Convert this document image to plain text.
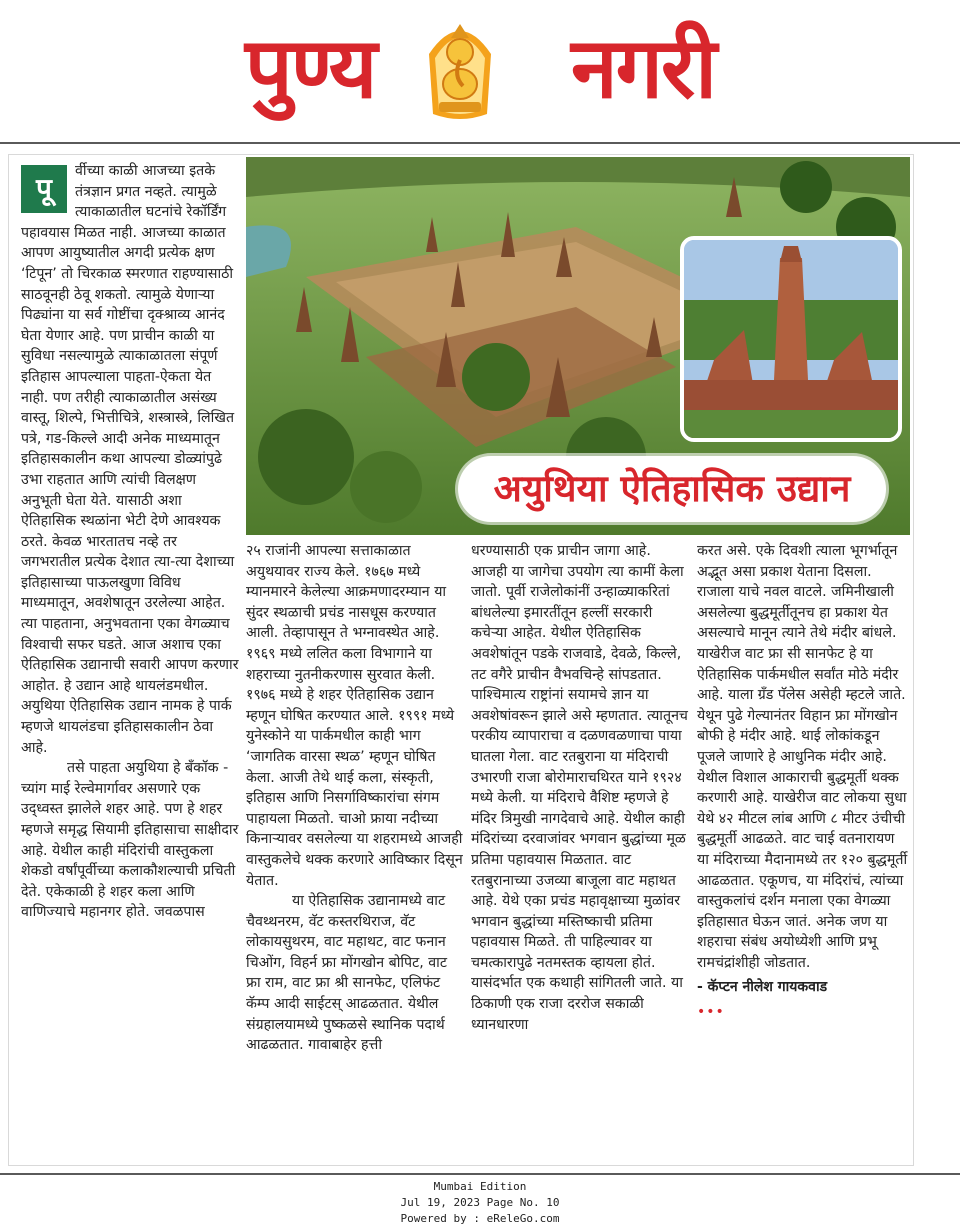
पुण्य नगरी
अयुथिया ऐतिहासिक उद्यान
पू

र्वीच्या काळी आजच्या इतके तंत्रज्ञान प्रगत नव्हते. त्यामुळे त्याकाळातील घटनांचे रेकॉर्डिंग पहावयास मिळत नाही. आजच्या काळात आपण आयुष्यातील अगदी प्रत्येक क्षण ‘टिपून’ तो चिरकाळ स्मरणात राहण्यासाठी साठवूनही ठेवू शकतो. त्यामुळे येणाऱ्या पिढ्यांना या सर्व गोष्टींचा दृक्श्राव्य आनंद घेता येणार आहे. पण प्राचीन काळी या सुविधा नसल्यामुळे त्याकाळातला संपूर्ण इतिहास आपल्याला पाहता-ऐकता येत नाही. पण तरीही त्याकाळातील असंख्य वास्तू, शिल्पे, भित्तीचित्रे, शस्त्रास्त्रे, लिखित पत्रे, गड-किल्ले आदी अनेक माध्यमातून इतिहासकालीन कथा आपल्या डोळ्यांपुढे उभा राहतात आणि त्यांची विलक्षण अनुभूती घेता येते. यासाठी अशा ऐतिहासिक स्थळांना भेटी देणे आवश्यक ठरते. केवळ भारतातच नव्हे तर जगभरातील प्रत्येक देशात त्या-त्या देशाच्या इतिहासाच्या पाऊलखुणा विविध माध्यमातून, अवशेषातून उरलेल्या आहेत. त्या पाहताना, अनुभवताना एका वेगळ्याच विश्वाची सफर घडते. आज अशाच एका ऐतिहासिक उद्यानाची सवारी आपण करणार आहोत. हे उद्यान आहे थायलंडमधील. अयुथिया ऐतिहासिक उद्यान नामक हे पार्क म्हणजे थायलंडचा इतिहासकालीन ठेवा आहे.

तसे पाहता अयुथिया हे बँकॉक - च्यांग माई रेल्वेमार्गावर असणारे एक उद्ध्वस्त झालेले शहर आहे. पण हे शहर म्हणजे समृद्ध सियामी इतिहासाचा साक्षीदार आहे. येथील काही मंदिरांची वास्तुकला शेकडो वर्षांपूर्वीच्या कलाकौशल्याची प्रचिती देते. एकेकाळी हे शहर कला आणि वाणिज्याचे महानगर होते. जवळपास

२५ राजांनी आपल्या सत्ताकाळात अयुथयावर राज्य केले. १७६७ मध्ये म्यानमारने केलेल्या आक्रमणादरम्यान या सुंदर स्थळाची प्रचंड नासधूस करण्यात आली. तेव्हापासून ते भग्नावस्थेत आहे. १९६९ मध्ये ललित कला विभागाने या शहराच्या नुतनीकरणास सुरवात केली. १९७६ मध्ये हे शहर ऐतिहासिक उद्यान म्हणून घोषित करण्यात आले. १९९१ मध्ये युनेस्कोने या पार्कमधील काही भाग ‘जागतिक वारसा स्थळ’ म्हणून घोषित केला. आजी तेथे थाई कला, संस्कृती, इतिहास आणि निसर्गाविष्कारांचा संगम पाहायला मिळतो. चाओ फ्राया नदीच्या किनाऱ्यावर वसलेल्या या शहरामध्ये आजही वास्तुकलेचे थक्क करणारे आविष्कार दिसून येतात.

या ऐतिहासिक उद्यानामध्ये वाट चैवथ्थनरम, वॅट कस्तरथिराज, वॅट लोकायसुथरम, वाट महाथट, वाट फनान चिओंग, विहर्न फ्रा मोंगखोन बोपिट, वाट फ्रा राम, वाट फ्रा श्री सानफेट, एलिफंट कॅम्प आदी साईटस् आढळतात. येथील संग्रहालयामध्ये पुष्कळसे स्थानिक पदार्थ आढळतात. गावाबाहेर हत्ती

धरण्यासाठी एक प्राचीन जागा आहे. आजही या जागेचा उपयोग त्या कामीं केला जातो. पूर्वी राजेलोकांनीं उन्हाळ्याकरितां बांधलेल्या इमारतींतून हल्लीं सरकारी कचेऱ्या आहेत. येथील ऐतिहासिक अवशेषांतून पडके राजवाडे, देवळे, किल्ले, तट वगैरे प्राचीन वैभवचिन्हे सांपडतात. पाश्चिमात्य राष्ट्रांनां सयामचे ज्ञान या अवशेषांवरून झाले असे म्हणतात. त्यातूनच परकीय व्यापाराचा व दळणवळणाचा पाया घातला गेला. वाट रतबुराना या मंदिराची उभारणी राजा बोरोमाराचथिरत याने १९२४ मध्ये केली. या मंदिराचे वैशिष्ट म्हणजे हे मंदिर त्रिमुखी नागदेवाचे आहे. येथील काही मंदिरांच्या दरवाजांवर भगवान बुद्धांच्या मूळ प्रतिमा पहावयास मिळतात. वाट रतबुरानाच्या उजव्या बाजूला वाट महाथत आहे. येथे एका प्रचंड महावृक्षाच्या मुळांवर भगवान बुद्धांच्या मस्तिष्काची प्रतिमा पहावयास मिळते. ती पाहिल्यावर या चमत्कारापुढे नतमस्तक व्हायला होतं. यासंदर्भात एक कथाही सांगितली जाते. या ठिकाणी एक राजा दररोज सकाळी ध्यानधारणा

करत असे. एके दिवशी त्याला भूगर्भातून अद्भूत असा प्रकाश येताना दिसला. राजाला याचे नवल वाटले. जमिनीखाली असलेल्या बुद्धमूर्तीतूनच हा प्रकाश येत असल्याचे मानून त्याने तेथे मंदीर बांधले. याखेरीज वाट फ्रा सी सानफेट हे या ऐतिहासिक पार्कमधील सर्वांत मोठे मंदीर आहे. याला ग्रँड पॅलेस असेही म्हटले जाते. येथून पुढे गेल्यानंतर विहान फ्रा मोंगखोन बोफी हे मंदीर आहे. थाई लोकांकडून पूजले जाणारे हे आधुनिक मंदीर आहे. येथील विशाल आकाराची बुद्धमूर्ती थक्क करणारी आहे. याखेरीज वाट लोकया सुधा येथे ४२ मीटल लांब आणि ८ मीटर उंचीची बुद्धमूर्ती आढळते. वाट चाई वतनारायण या मंदिराच्या मैदानामध्ये तर १२० बुद्धमूर्ती आढळतात. एकूणच, या मंदिरांचं, त्यांच्या वास्तुकलांचं दर्शन मनाला एका वेगळ्या इतिहासात घेऊन जातं. अनेक जण या शहराचा संबंध अयोध्येशी आणि प्रभू रामचंद्रांशीही जोडतात.

- कॅप्टन नीलेश गायकवाड

•••

Mumbai Edition
Jul 19, 2023 Page No. 10
Powered by : eReleGo.com
